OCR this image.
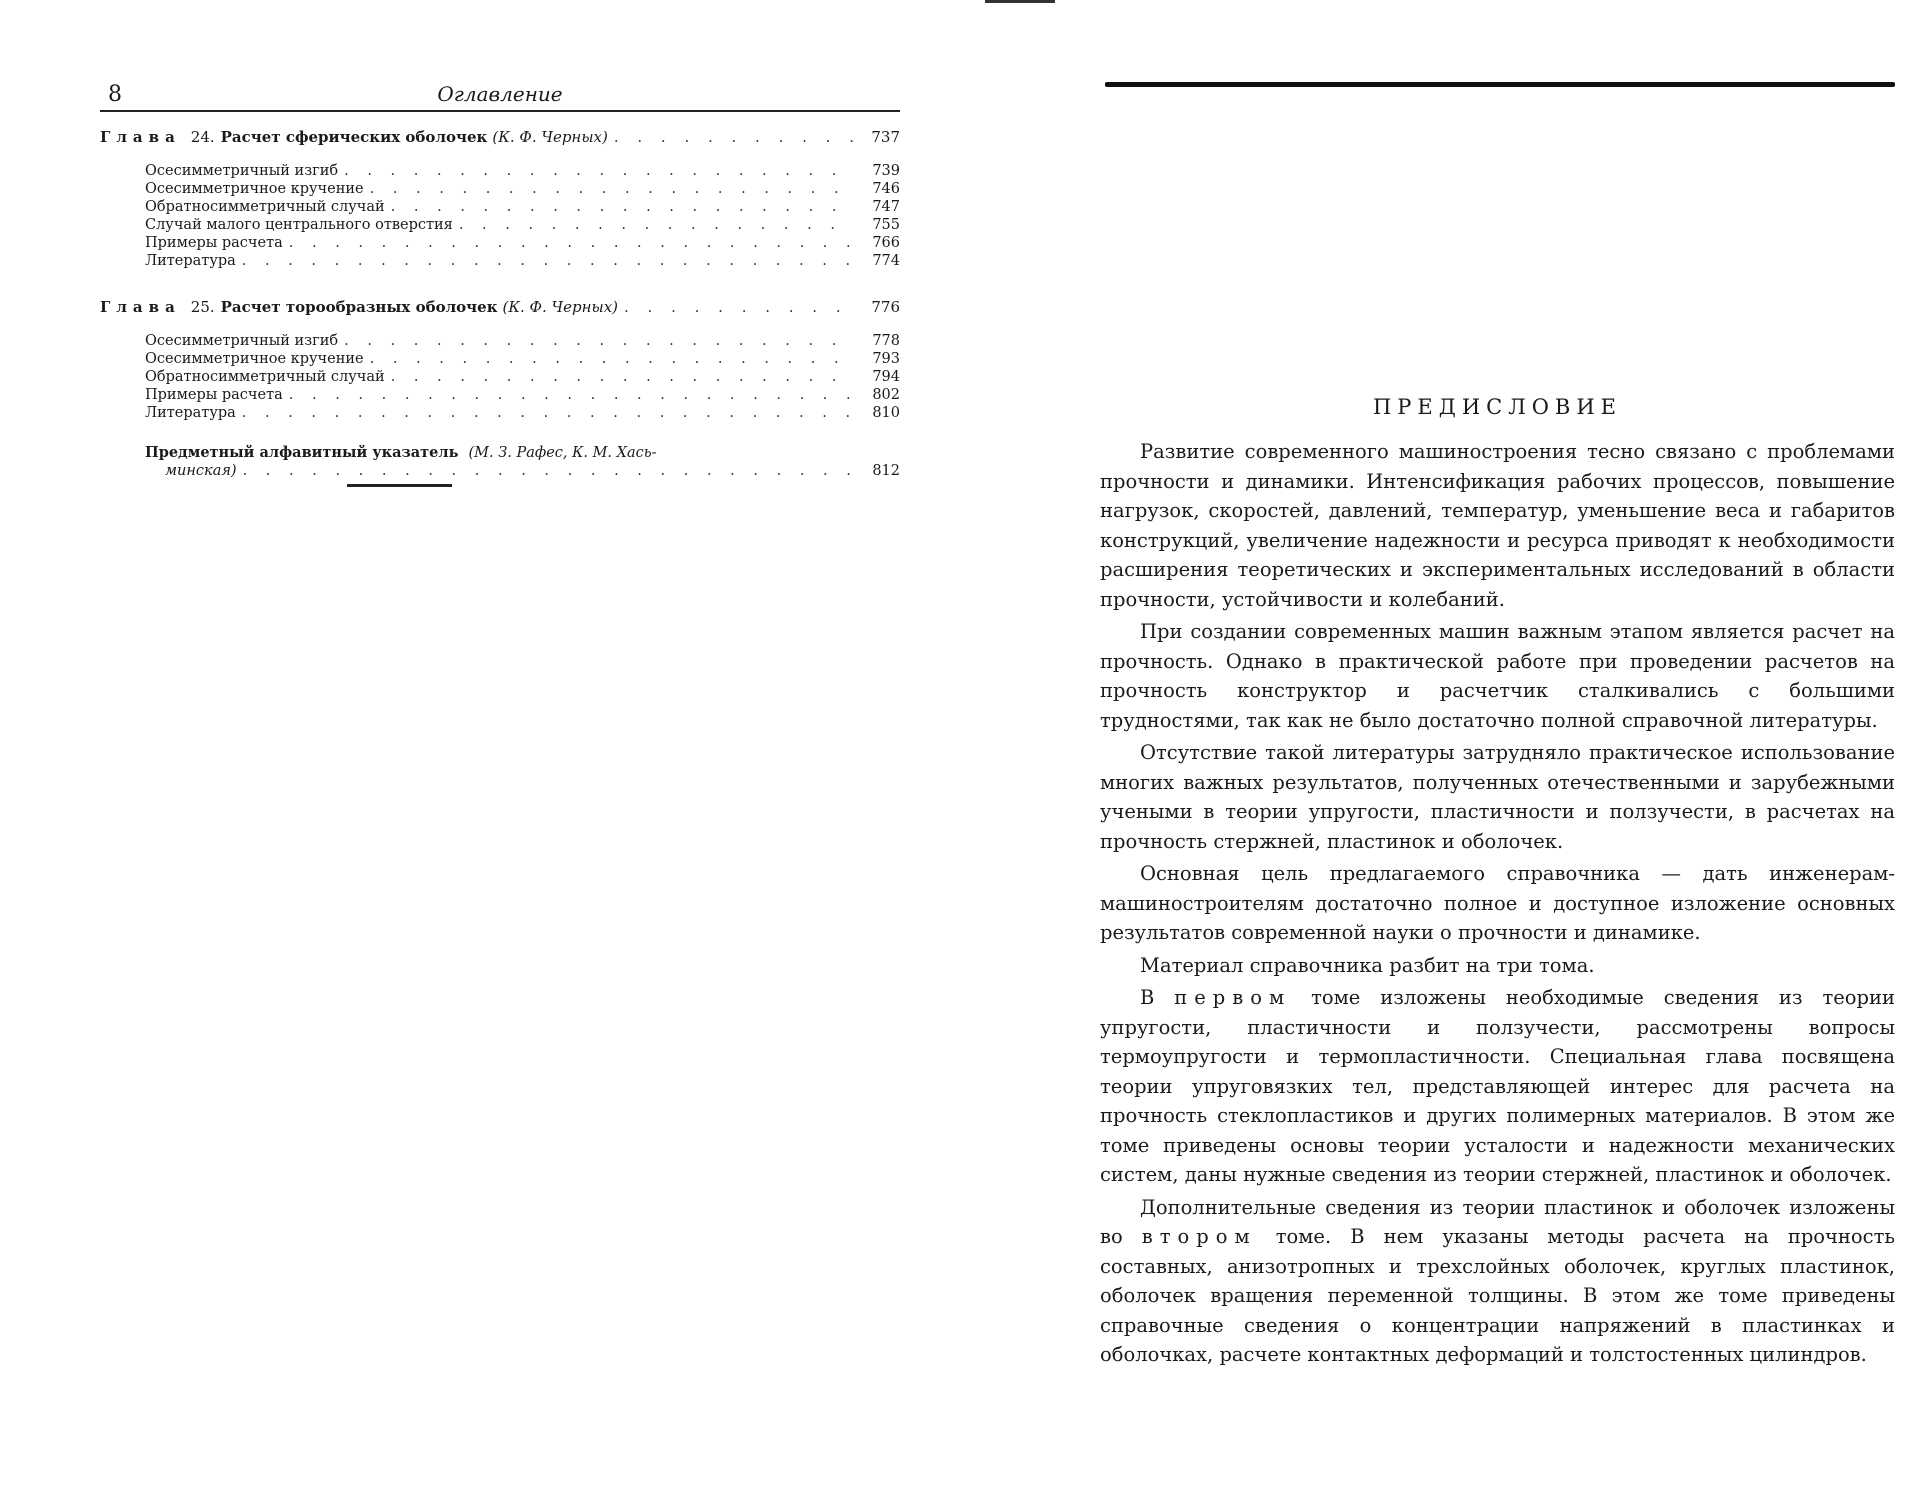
8	Оглавление
Глава 24. Расчет сферических оболочек (К. Ф. Черных) . . .	737
Осесимметричный изгиб . . .	739
Осесимметричное кручение . . .	746
Обратносимметричный случай . . .	747
Случай малого центрального отверстия . . .	755
Примеры расчета . . .	766
Литература . . .	774
Глава 25. Расчет торообразных оболочек (К. Ф. Черных) . . .	776
Осесимметричный изгиб . . .	778
Осесимметричное кручение . . .	793
Обратносимметричный случай . . .	794
Примеры расчета . . .	802
Литература . . .	810
Предметный алфавитный указатель (М. З. Рафес, К. М. Хась-
минская) . . .	812
ПРЕДИСЛОВИЕ

Развитие современного машиностроения тесно связано с проблемами прочности и динамики. Интенсификация рабочих процессов, повышение нагрузок, скоростей, давлений, температур, уменьшение веса и габаритов конструкций, увеличение надежности и ресурса приводят к необходимости расширения теоретических и экспериментальных исследований в области прочности, устойчивости и колебаний.

При создании современных машин важным этапом является расчет на прочность. Однако в практической работе при проведении расчетов на прочность конструктор и расчетчик сталкивались с большими трудностями, так как не было достаточно полной справочной литературы.

Отсутствие такой литературы затрудняло практическое использование многих важных результатов, полученных отечественными и зарубежными учеными в теории упругости, пластичности и ползучести, в расчетах на прочность стержней, пластинок и оболочек.

Основная цель предлагаемого справочника — дать инженерам-машиностроителям достаточно полное и доступное изложение основных результатов современной науки о прочности и динамике.

Материал справочника разбит на три тома.

В первом томе изложены необходимые сведения из теории упругости, пластичности и ползучести, рассмотрены вопросы термоупругости и термопластичности. Специальная глава посвящена теории упруговязких тел, представляющей интерес для расчета на прочность стеклопластиков и других полимерных материалов. В этом же томе приведены основы теории усталости и надежности механических систем, даны нужные сведения из теории стержней, пластинок и оболочек.

Дополнительные сведения из теории пластинок и оболочек изложены во втором томе. В нем указаны методы расчета на прочность составных, анизотропных и трехслойных оболочек, круглых пластинок, оболочек вращения переменной толщины. В этом же томе приведены справочные сведения о концентрации напряжений в пластинках и оболочках, расчете контактных деформаций и толстостенных цилиндров.
